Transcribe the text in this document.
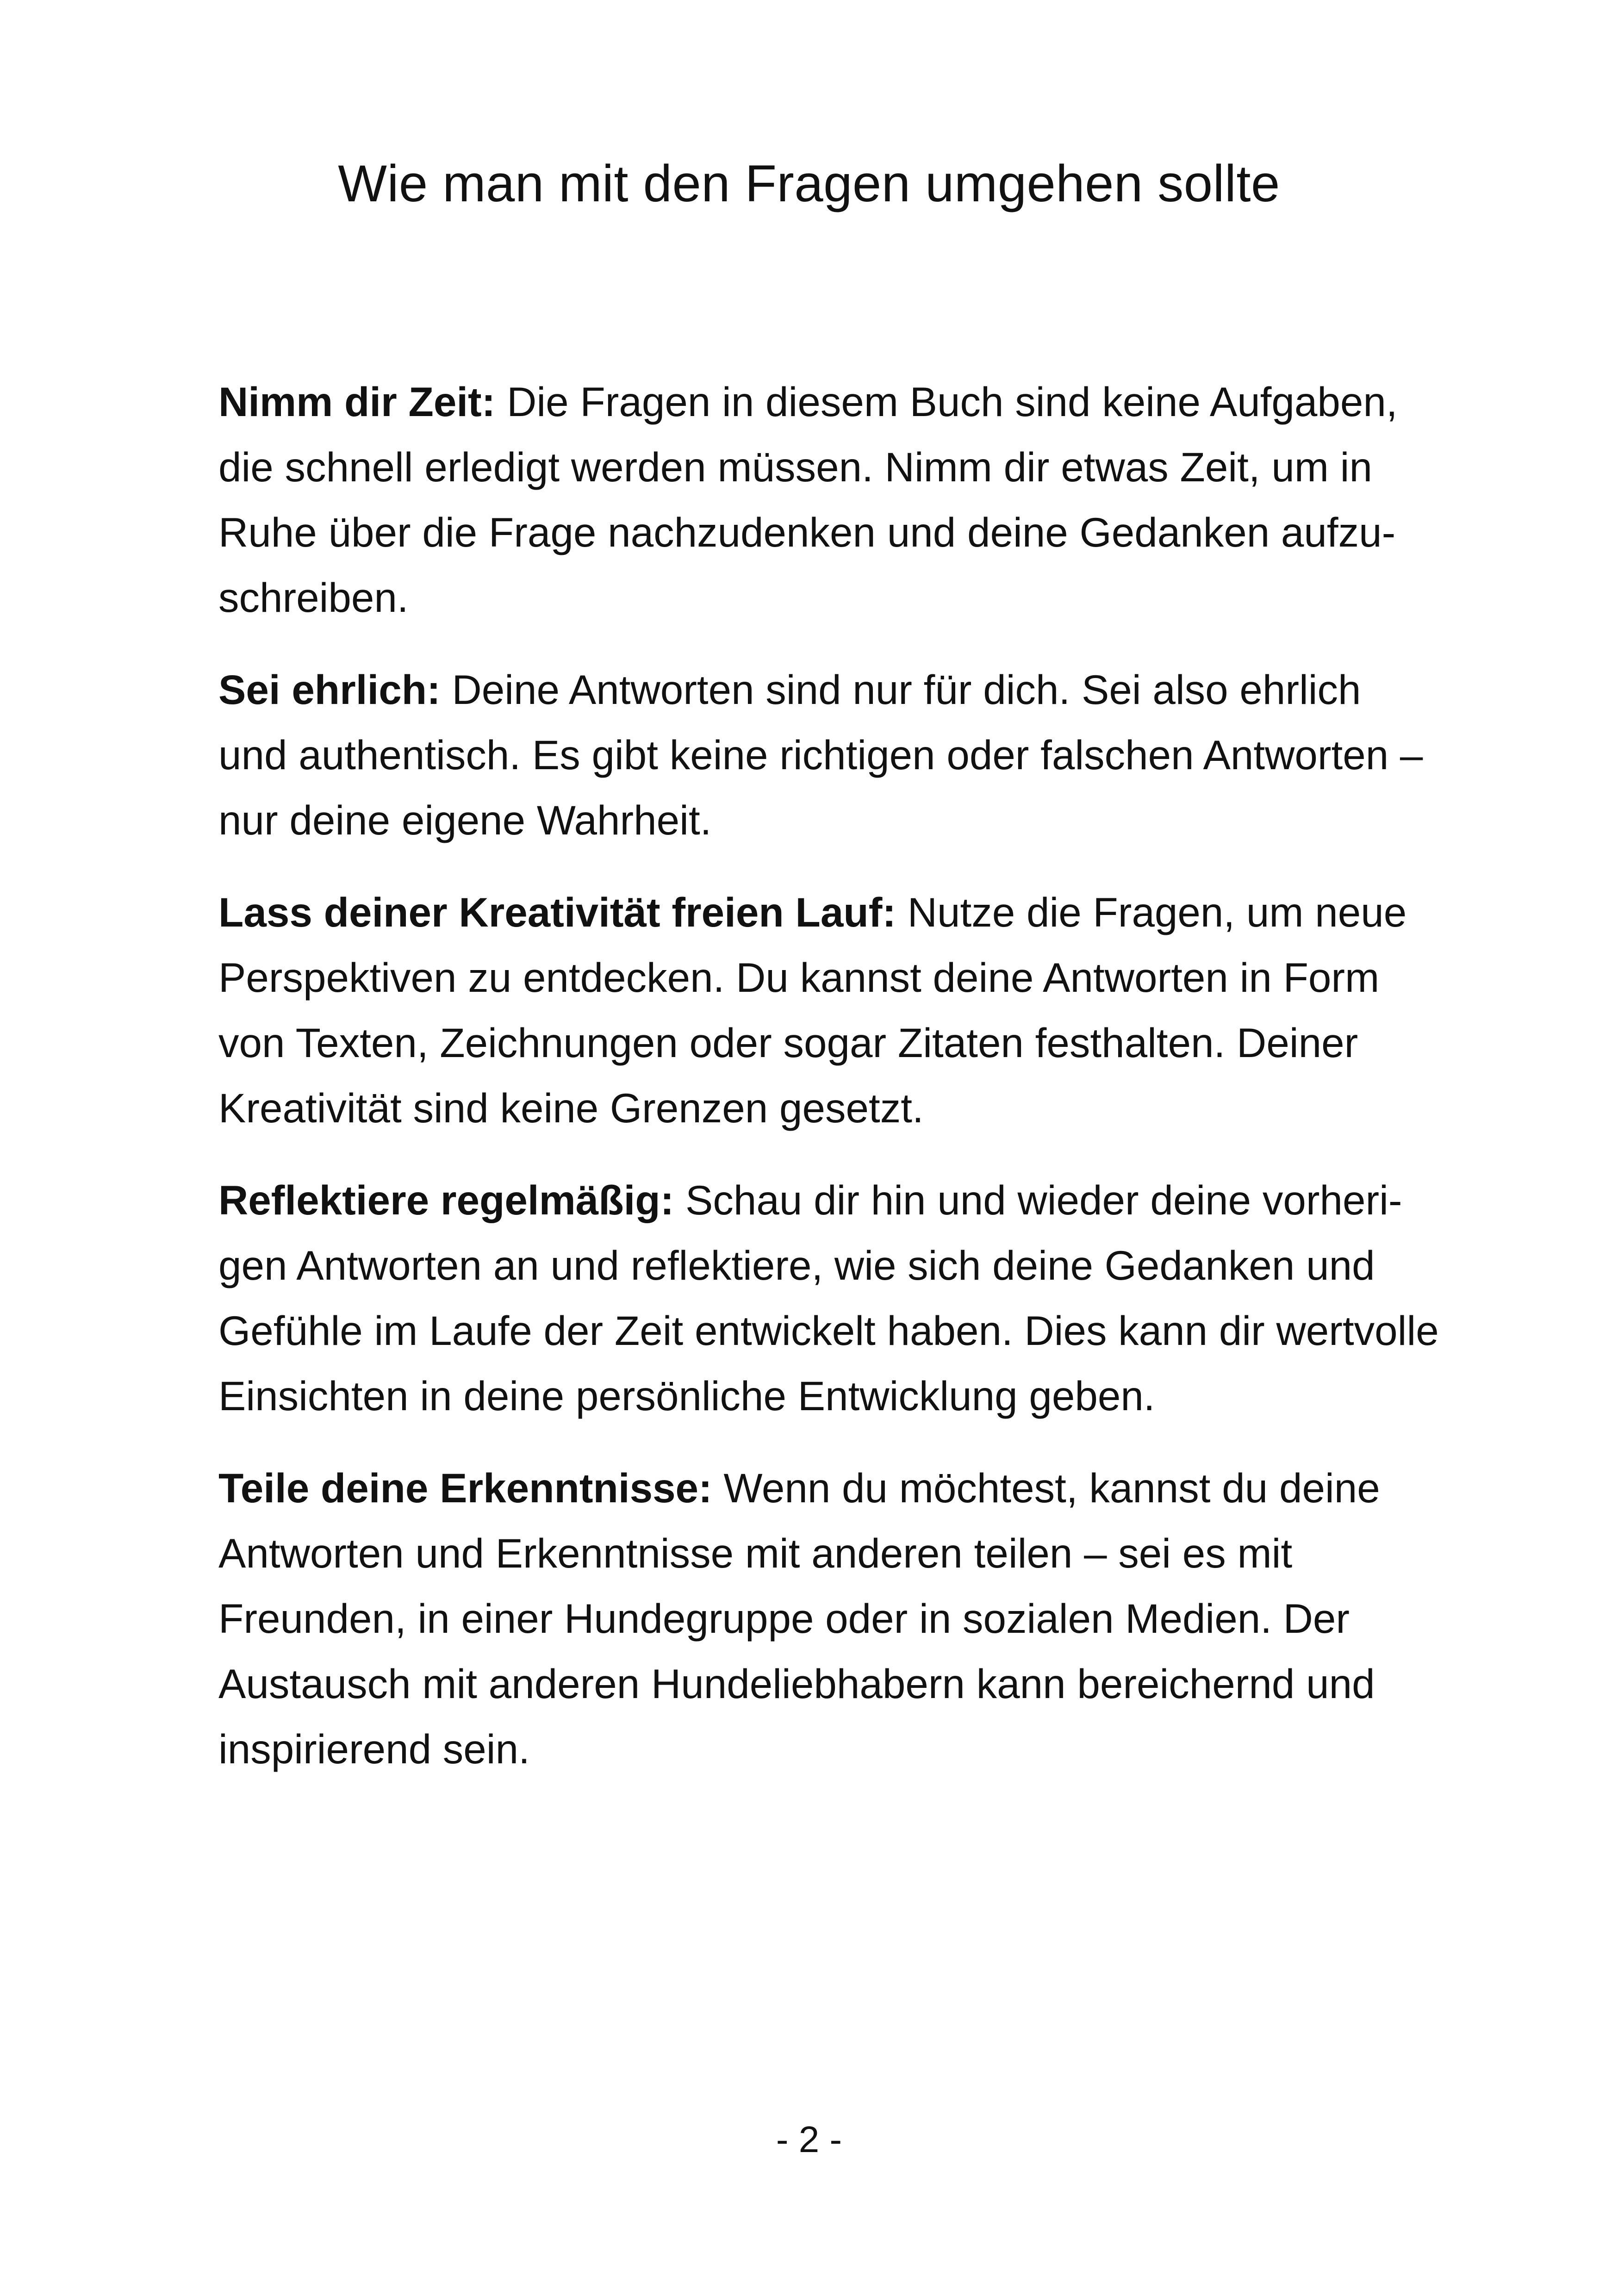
Wie man mit den Fragen umgehen sollte

Nimm dir Zeit: Die Fragen in diesem Buch sind keine Aufgaben, die schnell erledigt werden müssen. Nimm dir etwas Zeit, um in Ruhe über die Frage nachzudenken und deine Gedanken aufzuschreiben.

Sei ehrlich: Deine Antworten sind nur für dich. Sei also ehrlich und authentisch. Es gibt keine richtigen oder falschen Antworten – nur deine eigene Wahrheit.

Lass deiner Kreativität freien Lauf: Nutze die Fragen, um neue Perspektiven zu entdecken. Du kannst deine Antworten in Form von Texten, Zeichnungen oder sogar Zitaten festhalten. Deiner Kreativität sind keine Grenzen gesetzt.

Reflektiere regelmäßig: Schau dir hin und wieder deine vorherigen Antworten an und reflektiere, wie sich deine Gedanken und Gefühle im Laufe der Zeit entwickelt haben. Dies kann dir wertvolle Einsichten in deine persönliche Entwicklung geben.

Teile deine Erkenntnisse: Wenn du möchtest, kannst du deine Antworten und Erkenntnisse mit anderen teilen – sei es mit Freunden, in einer Hundegruppe oder in sozialen Medien. Der Austausch mit anderen Hundeliebhabern kann bereichernd und inspirierend sein.

- 2 -
